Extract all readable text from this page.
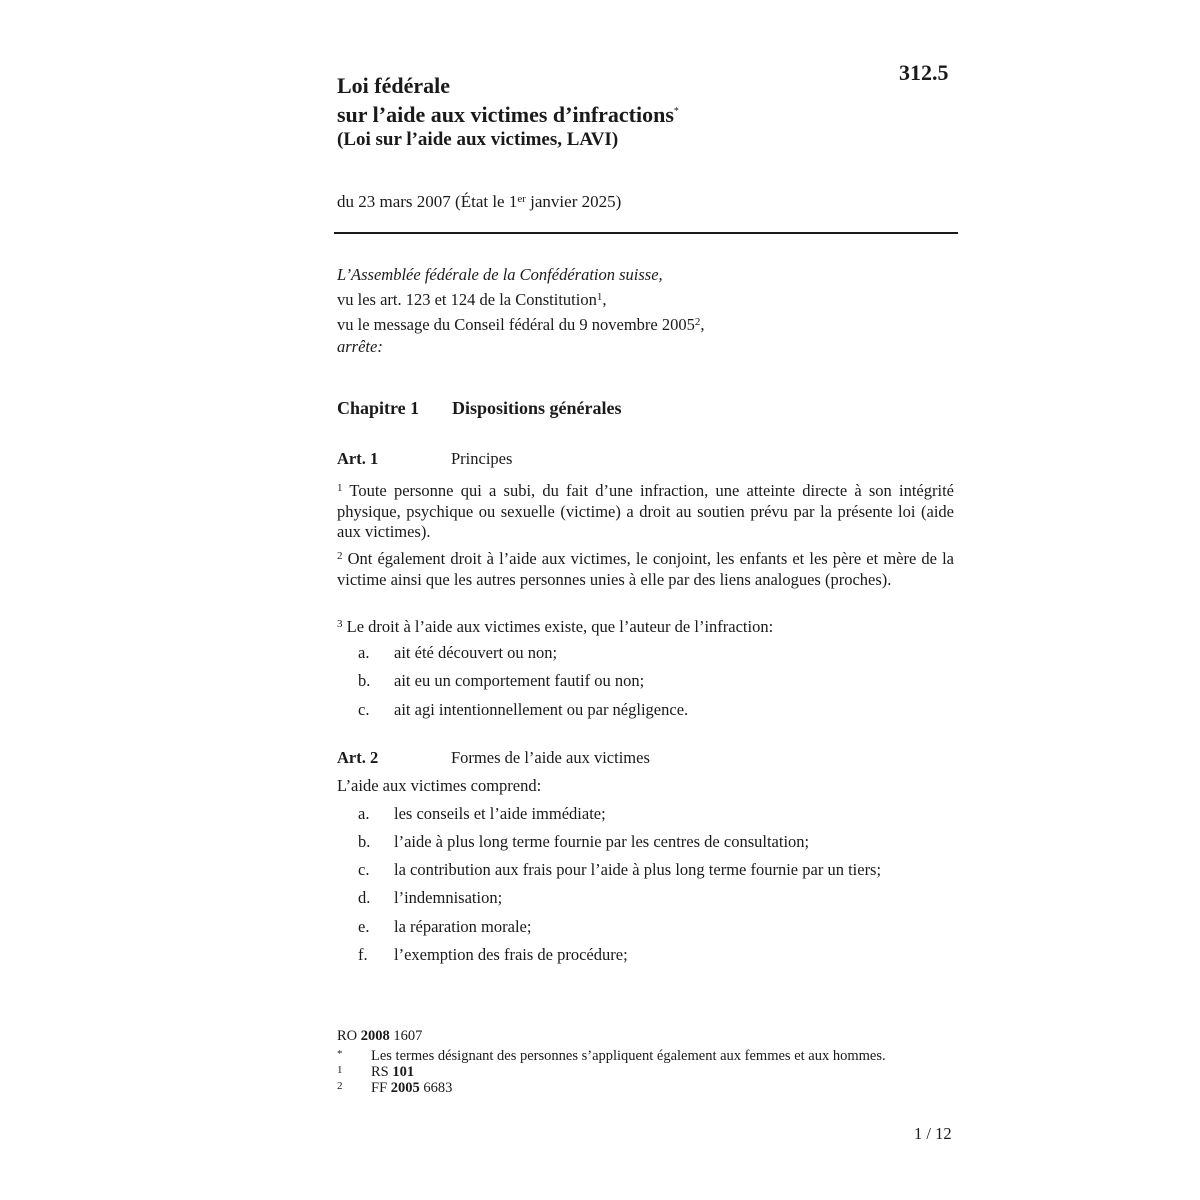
312.5
Loi fédérale
sur l’aide aux victimes d’infractions*
(Loi sur l’aide aux victimes, LAVI)
du 23 mars 2007 (État le 1er janvier 2025)
L’Assemblée fédérale de la Confédération suisse,
vu les art. 123 et 124 de la Constitution$^1$,
vu le message du Conseil fédéral du 9 novembre 2005$^2$,
arrête:
Chapitre 1 Dispositions générales
Art. 1	Principes
$^1$ Toute personne qui a subi, du fait d’une infraction, une atteinte directe à son intégrité physique, psychique ou sexuelle (victime) a droit au soutien prévu par la présente loi (aide aux victimes).
$^2$ Ont également droit à l’aide aux victimes, le conjoint, les enfants et les père et mère de la victime ainsi que les autres personnes unies à elle par des liens analogues (proches).
$^3$ Le droit à l’aide aux victimes existe, que l’auteur de l’infraction:
a. ait été découvert ou non;
b. ait eu un comportement fautif ou non;
c. ait agi intentionnellement ou par négligence.
Art. 2	Formes de l’aide aux victimes
L’aide aux victimes comprend:
a. les conseils et l’aide immédiate;
b. l’aide à plus long terme fournie par les centres de consultation;
c. la contribution aux frais pour l’aide à plus long terme fournie par un tiers;
d. l’indemnisation;
e. la réparation morale;
f. l’exemption des frais de procédure;
RO 2008 1607
* Les termes désignant des personnes s’appliquent également aux femmes et aux hommes.
1 RS 101
2 FF 2005 6683
1 / 12
